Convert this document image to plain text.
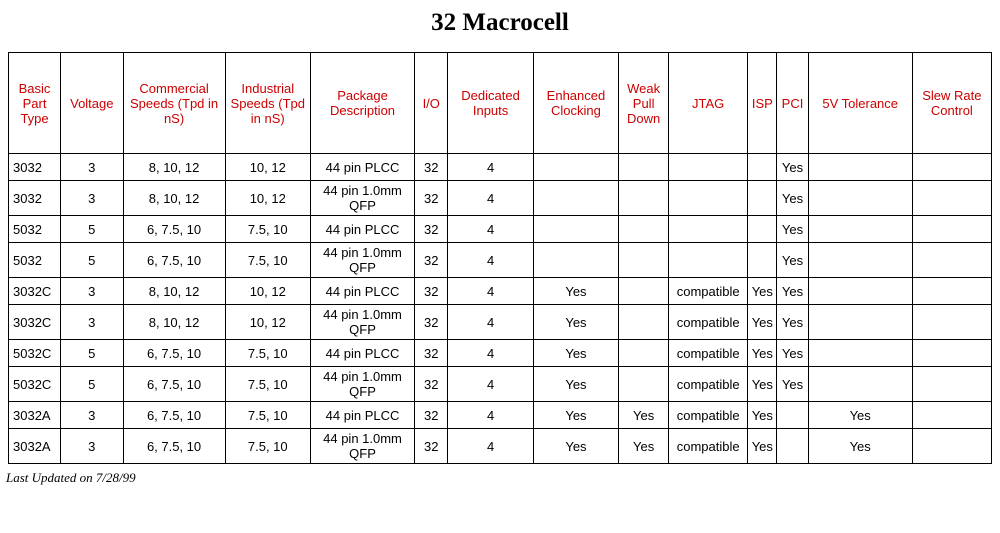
32 Macrocell
Basic Part Type	Voltage	Commercial Speeds (Tpd in nS)	Industrial Speeds (Tpd in nS)	Package Description	I/O	Dedicated Inputs	Enhanced Clocking	Weak Pull Down	JTAG	ISP	PCI	5V Tolerance	Slew Rate Control
3032	3	8, 10, 12	10, 12	44 pin PLCC	32	4					Yes		
3032	3	8, 10, 12	10, 12	44 pin 1.0mm QFP	32	4					Yes		
5032	5	6, 7.5, 10	7.5, 10	44 pin PLCC	32	4					Yes		
5032	5	6, 7.5, 10	7.5, 10	44 pin 1.0mm QFP	32	4					Yes		
3032C	3	8, 10, 12	10, 12	44 pin PLCC	32	4	Yes		compatible	Yes	Yes		
3032C	3	8, 10, 12	10, 12	44 pin 1.0mm QFP	32	4	Yes		compatible	Yes	Yes		
5032C	5	6, 7.5, 10	7.5, 10	44 pin PLCC	32	4	Yes		compatible	Yes	Yes		
5032C	5	6, 7.5, 10	7.5, 10	44 pin 1.0mm QFP	32	4	Yes		compatible	Yes	Yes		
3032A	3	6, 7.5, 10	7.5, 10	44 pin PLCC	32	4	Yes	Yes	compatible	Yes		Yes	
3032A	3	6, 7.5, 10	7.5, 10	44 pin 1.0mm QFP	32	4	Yes	Yes	compatible	Yes		Yes	
Last Updated on 7/28/99
